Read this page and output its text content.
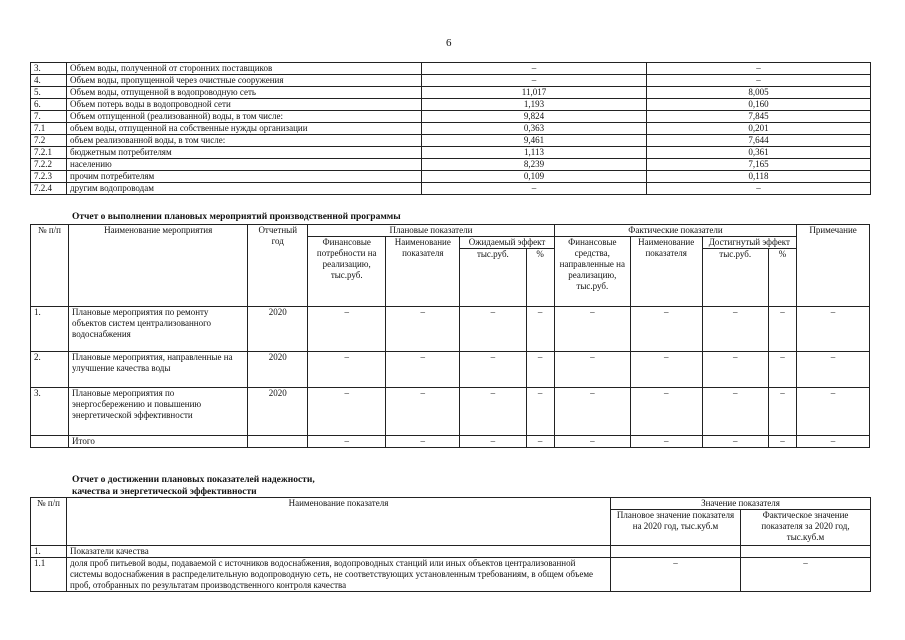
6
3.	Объем воды, полученной от сторонних поставщиков	–	–
4.	Объем воды, пропущенной через очистные сооружения	–	–
5.	Объем воды, отпущенной в водопроводную сеть	11,017	8,005
6.	Объем потерь воды в водопроводной сети	1,193	0,160
7.	Объем отпущенной (реализованной) воды, в том числе:	9,824	7,845
7.1	объем воды, отпущенной на собственные нужды организации	0,363	0,201
7.2	объем реализованной воды, в том числе:	9,461	7,644
7.2.1	бюджетным потребителям	1,113	0,361
7.2.2	населению	8,239	7,165
7.2.3	прочим потребителям	0,109	0,118
7.2.4	другим водопроводам	–	–
Отчет о выполнении плановых мероприятий производственной программы
№ п/п	Наименование мероприятия	Отчетный год	Плановые показатели				Фактические показатели				Примечание
			Финансовые потребности на реализацию, тыс.руб.	Наименование показателя	Ожидаемый эффект		Финансовые средства, направленные на реализацию, тыс.руб.	Наименование показателя	Достигнутый эффект		
					тыс.руб.	%			тыс.руб.	%	
1.	Плановые мероприятия по ремонту объектов систем централизованного водоснабжения	2020	–	–	–	–	–	–	–	–	–
2.	Плановые мероприятия, направленные на улучшение качества воды	2020	–	–	–	–	–	–	–	–	–
3.	Плановые мероприятия по энергосбережению и повышению энергетической эффективности	2020	–	–	–	–	–	–	–	–	–
	Итого		–	–	–	–	–	–	–	–	–
Отчет о достижении плановых показателей надежности,
качества и энергетической эффективности
№ п/п	Наименование показателя	Значение показателя	
		Плановое значение показателя на 2020 год, тыс.куб.м	Фактическое значение показателя за 2020 год, тыс.куб.м
1.	Показатели качества		
1.1	доля проб питьевой воды, подаваемой с источников водоснабжения, водопроводных станций или иных объектов централизованной системы водоснабжения в распределительную водопроводную сеть, не соответствующих установленным требованиям, в общем объеме проб, отобранных по результатам производственного контроля качества	–	–
